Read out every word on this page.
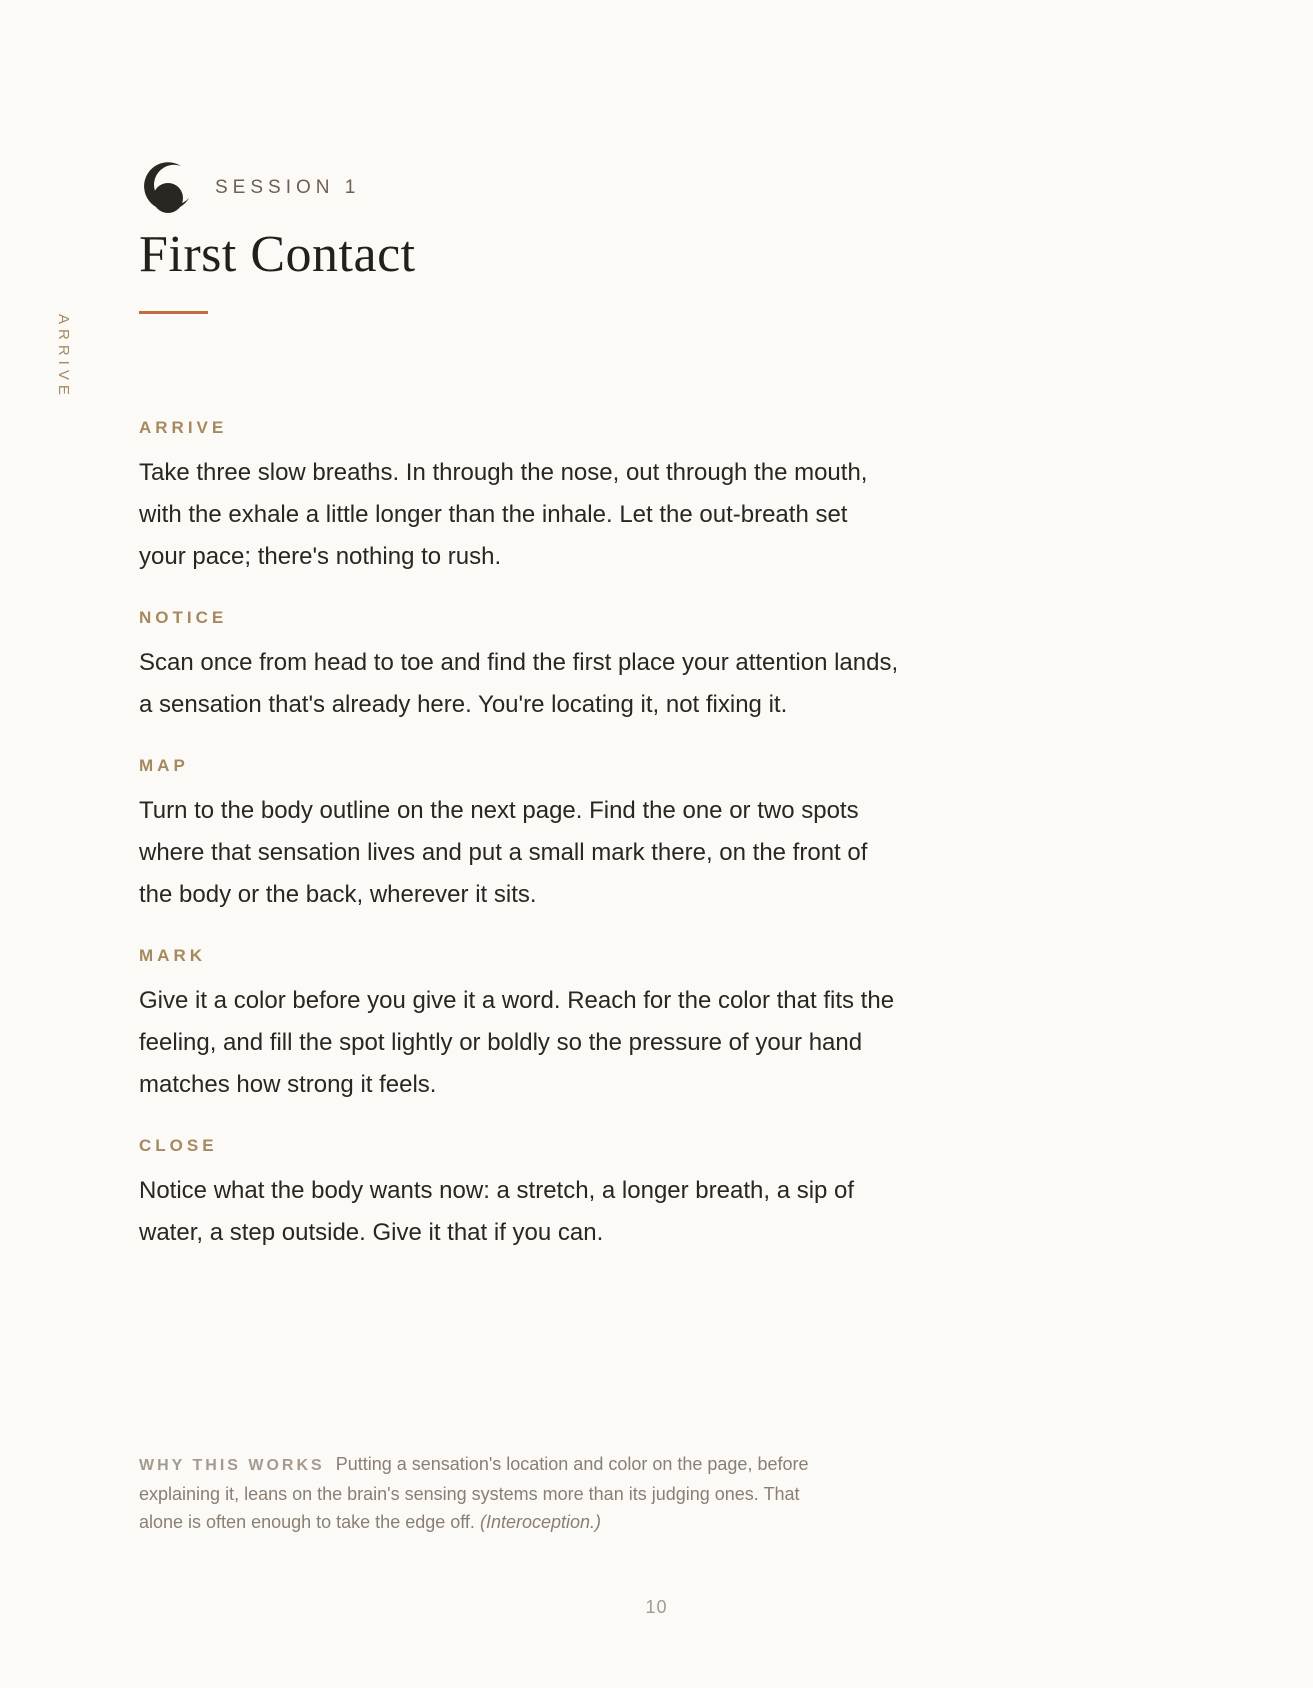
ARRIVE
SESSION 1
First Contact

ARRIVE

Take three slow breaths. In through the nose, out through the mouth, with the exhale a little longer than the inhale. Let the out-breath set your pace; there's nothing to rush.

NOTICE

Scan once from head to toe and find the first place your attention lands, a sensation that's already here. You're locating it, not fixing it.

MAP

Turn to the body outline on the next page. Find the one or two spots where that sensation lives and put a small mark there, on the front of the body or the back, wherever it sits.

MARK

Give it a color before you give it a word. Reach for the color that fits the feeling, and fill the spot lightly or boldly so the pressure of your hand matches how strong it feels.

CLOSE

Notice what the body wants now: a stretch, a longer breath, a sip of water, a step outside. Give it that if you can.

WHY THIS WORKS Putting a sensation's location and color on the page, before explaining it, leans on the brain's sensing systems more than its judging ones. That alone is often enough to take the edge off. (Interoception.)
10
